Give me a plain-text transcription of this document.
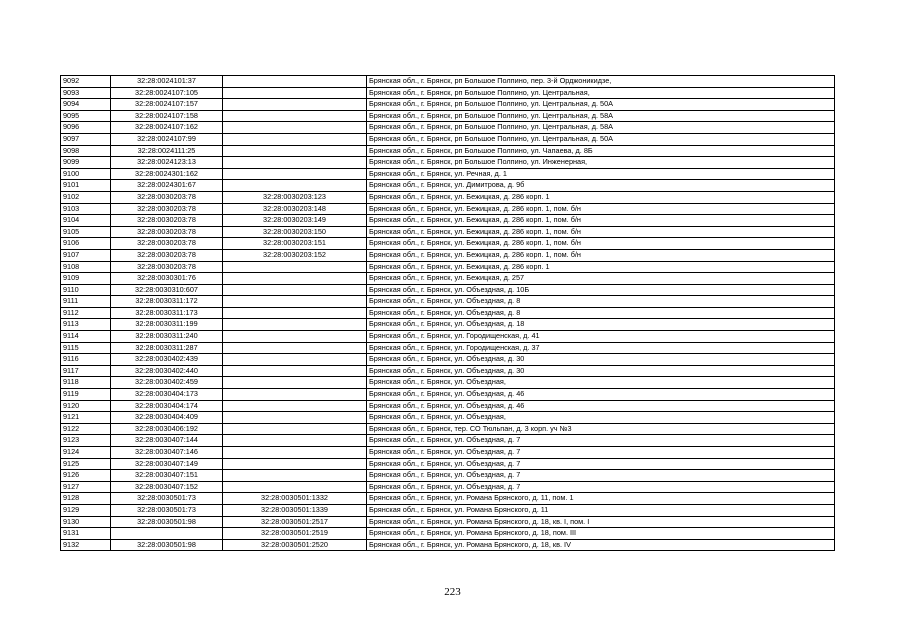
9092	32:28:0024101:37		Брянская обл., г. Брянск, рп Большое Полпино, пер. 3-й Орджоникидзе,
9093	32:28:0024107:105		Брянская обл., г. Брянск, рп Большое Полпино, ул. Центральная,
9094	32:28:0024107:157		Брянская обл., г. Брянск, рп Большое Полпино, ул. Центральная, д. 50А
9095	32:28:0024107:158		Брянская обл., г. Брянск, рп Большое Полпино, ул. Центральная, д. 58А
9096	32:28:0024107:162		Брянская обл., г. Брянск, рп Большое Полпино, ул. Центральная, д. 58А
9097	32:28:0024107:99		Брянская обл., г. Брянск, рп Большое Полпино, ул. Центральная, д. 50А
9098	32:28:0024111:25		Брянская обл., г. Брянск, рп Большое Полпино, ул. Чапаева, д. 8Б
9099	32:28:0024123:13		Брянская обл., г. Брянск, рп Большое Полпино, ул. Инженерная,
9100	32:28:0024301:162		Брянская обл., г. Брянск, ул. Речная, д. 1
9101	32:28:0024301:67		Брянская обл., г. Брянск, ул. Димитрова, д. 9б
9102	32:28:0030203:78	32:28:0030203:123	Брянская обл., г. Брянск, ул. Бежицкая, д. 286 корп. 1
9103	32:28:0030203:78	32:28:0030203:148	Брянская обл., г. Брянск, ул. Бежицкая, д. 286 корп. 1, пом. б/н
9104	32:28:0030203:78	32:28:0030203:149	Брянская обл., г. Брянск, ул. Бежицкая, д. 286 корп. 1, пом. б/н
9105	32:28:0030203:78	32:28:0030203:150	Брянская обл., г. Брянск, ул. Бежицкая, д. 286 корп. 1, пом. б/н
9106	32:28:0030203:78	32:28:0030203:151	Брянская обл., г. Брянск, ул. Бежицкая, д. 286 корп. 1, пом. б/н
9107	32:28:0030203:78	32:28:0030203:152	Брянская обл., г. Брянск, ул. Бежицкая, д. 286 корп. 1, пом. б/н
9108	32:28:0030203:78		Брянская обл., г. Брянск, ул. Бежицкая, д. 286 корп. 1
9109	32:28:0030301:76		Брянская обл., г. Брянск, ул. Бежицкая, д. 257
9110	32:28:0030310:607		Брянская обл., г. Брянск, ул. Объездная, д. 10Б
9111	32:28:0030311:172		Брянская обл., г. Брянск, ул. Объездная, д. 8
9112	32:28:0030311:173		Брянская обл., г. Брянск, ул. Объездная, д. 8
9113	32:28:0030311:199		Брянская обл., г. Брянск, ул. Объездная, д. 18
9114	32:28:0030311:240		Брянская обл., г. Брянск, ул. Городищенская, д. 41
9115	32:28:0030311:287		Брянская обл., г. Брянск, ул. Городищенская, д. 37
9116	32:28:0030402:439		Брянская обл., г. Брянск, ул. Объездная, д. 30
9117	32:28:0030402:440		Брянская обл., г. Брянск, ул. Объездная, д. 30
9118	32:28:0030402:459		Брянская обл., г. Брянск, ул. Объездная,
9119	32:28:0030404:173		Брянская обл., г. Брянск, ул. Объездная, д. 46
9120	32:28:0030404:174		Брянская обл., г. Брянск, ул. Объездная, д. 46
9121	32:28:0030404:409		Брянская обл., г. Брянск, ул. Объездная,
9122	32:28:0030406:192		Брянская обл., г. Брянск, тер. СО Тюльпан, д. 3 корп. уч №3
9123	32:28:0030407:144		Брянская обл., г. Брянск, ул. Объездная, д. 7
9124	32:28:0030407:146		Брянская обл., г. Брянск, ул. Объездная, д. 7
9125	32:28:0030407:149		Брянская обл., г. Брянск, ул. Объездная, д. 7
9126	32:28:0030407:151		Брянская обл., г. Брянск, ул. Объездная, д. 7
9127	32:28:0030407:152		Брянская обл., г. Брянск, ул. Объездная, д. 7
9128	32:28:0030501:73	32:28:0030501:1332	Брянская обл., г. Брянск, ул. Романа Брянского, д. 11, пом. 1
9129	32:28:0030501:73	32:28:0030501:1339	Брянская обл., г. Брянск, ул. Романа Брянского, д. 11
9130	32:28:0030501:98	32:28:0030501:2517	Брянская обл., г. Брянск, ул. Романа Брянского, д. 18, кв. I, пом. I
9131		32:28:0030501:2519	Брянская обл., г. Брянск, ул. Романа Брянского, д. 18, пом. III
9132	32:28:0030501:98	32:28:0030501:2520	Брянская обл., г. Брянск, ул. Романа Брянского, д. 18, кв. IV
223
